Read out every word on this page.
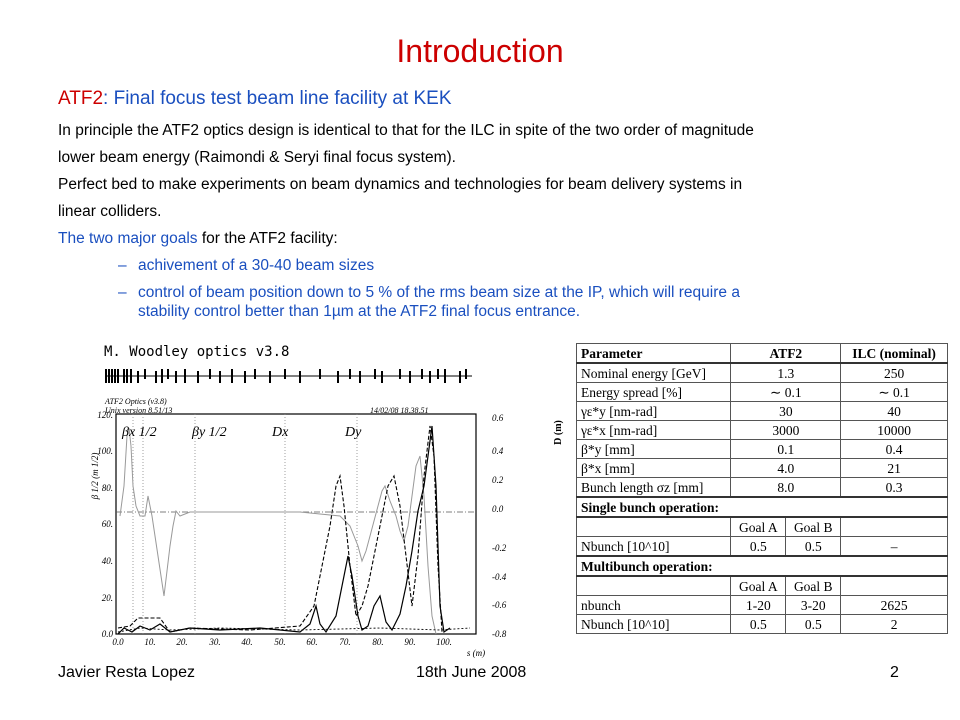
Introduction
ATF2: Final focus test beam line facility at KEK
In principle the ATF2 optics design is identical to that for the ILC in spite of the two order of magnitude
lower beam energy (Raimondi & Seryi final focus system).
Perfect bed to make experiments on beam dynamics and technologies for beam delivery systems in
linear colliders.
The two major goals for the ATF2 facility:
– achivement of a 30-40 beam sizes
– control of beam position down to 5 % of the rms beam size at the IP, which will require a
stability control better than 1µm at the ATF2 final focus entrance.
M. Woodley optics v3.8
ATF2 Optics (v3.8)
Unix version 8.51/13	14/02/08 18.38.51
0.0
20.
40.
60.
80.
100.
120.
-0.8
-0.6
-0.4
-0.2
0.0
0.2
0.4
0.6
0.0 10. 20. 30. 40. 50. 60. 70. 80. 90. 100.
s (m)
β 1/2 (m 1/2)
βx 1/2	βy 1/2	Dx	Dy	D (m)
Parameter	ATF2		ILC (nominal)
Nominal energy [GeV]	1.3		250
Energy spread [%]	∼ 0.1		∼ 0.1
γε*y [nm-rad]	30		40
γε*x [nm-rad]	3000		10000
β*y [mm]	0.1		0.4
β*x [mm]	4.0		21
Bunch length σz [mm]	8.0		0.3
Single bunch operation:			
	Goal A	Goal B	
Nbunch [10^10]	0.5	0.5	–
Multibunch operation:			
	Goal A	Goal B	
nbunch	1-20	3-20	2625
Nbunch [10^10]	0.5	0.5	2
Javier Resta Lopez	18th June 2008	2
